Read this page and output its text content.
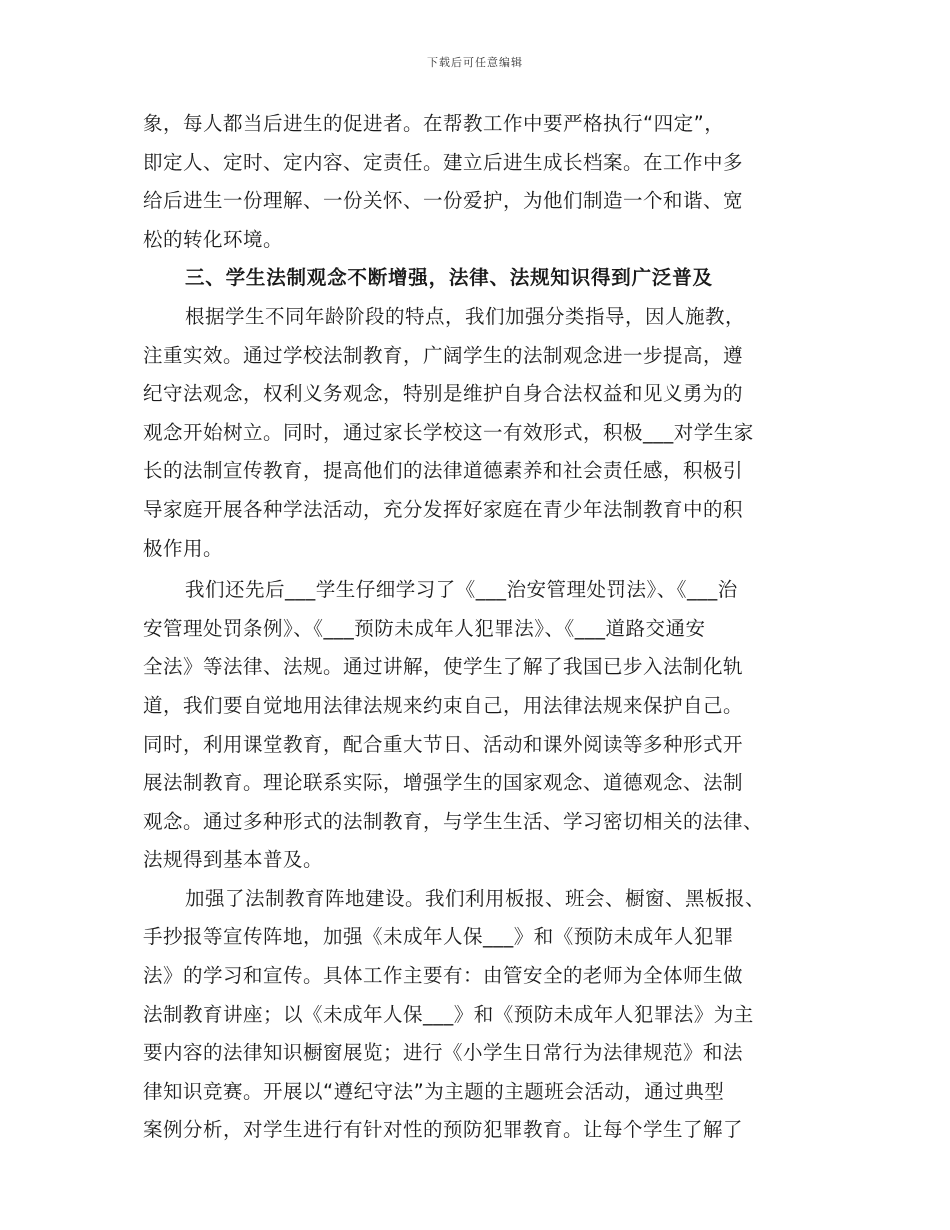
下载后可任意编辑
象，每人都当后进生的促进者。在帮教工作中要严格执行“四定”，
即定人、定时、定内容、定责任。建立后进生成长档案。在工作中多
给后进生一份理解、一份关怀、一份爱护，为他们制造一个和谐、宽
松的转化环境。
三、学生法制观念不断增强，法律、法规知识得到广泛普及
根据学生不同年龄阶段的特点，我们加强分类指导，因人施教，
注重实效。通过学校法制教育，广阔学生的法制观念进一步提高，遵
纪守法观念，权利义务观念，特别是维护自身合法权益和见义勇为的
观念开始树立。同时，通过家长学校这一有效形式，积极___对学生家
长的法制宣传教育，提高他们的法律道德素养和社会责任感，积极引
导家庭开展各种学法活动，充分发挥好家庭在青少年法制教育中的积
极作用。
我们还先后___学生仔细学习了《___治安管理处罚法》、《___治
安管理处罚条例》、《___预防未成年人犯罪法》、《___道路交通安
全法》等法律、法规。通过讲解，使学生了解了我国已步入法制化轨
道，我们要自觉地用法律法规来约束自己，用法律法规来保护自己。
同时，利用课堂教育，配合重大节日、活动和课外阅读等多种形式开
展法制教育。理论联系实际，增强学生的国家观念、道德观念、法制
观念。通过多种形式的法制教育，与学生生活、学习密切相关的法律、
法规得到基本普及。
加强了法制教育阵地建设。我们利用板报、班会、橱窗、黑板报、
手抄报等宣传阵地，加强《未成年人保___》和《预防未成年人犯罪
法》的学习和宣传。具体工作主要有：由管安全的老师为全体师生做
法制教育讲座；以《未成年人保___》和《预防未成年人犯罪法》为主
要内容的法律知识橱窗展览；进行《小学生日常行为法律规范》和法
律知识竞赛。开展以“遵纪守法”为主题的主题班会活动，通过典型
案例分析，对学生进行有针对性的预防犯罪教育。让每个学生了解了
